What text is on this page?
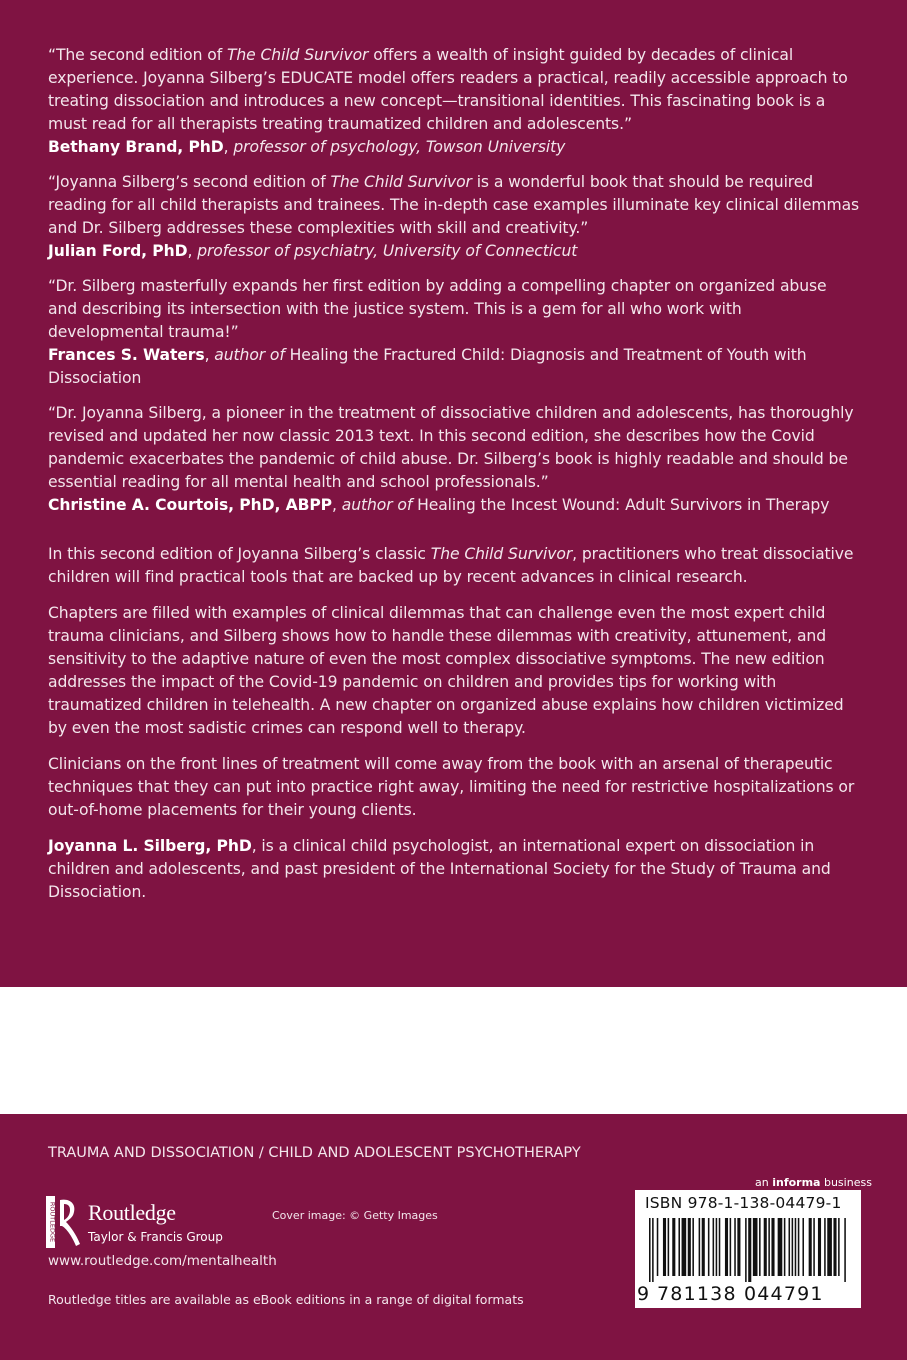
“The second edition of The Child Survivor offers a wealth of insight guided by decades of clinical experience. Joyanna Silberg’s EDUCATE model offers readers a practical, readily accessible approach to treating dissociation and introduces a new concept—transitional identities. This fascinating book is a must read for all therapists treating traumatized children and adolescents.”

Bethany Brand, PhD, professor of psychology, Towson University

“Joyanna Silberg’s second edition of The Child Survivor is a wonderful book that should be required reading for all child therapists and trainees. The in-depth case examples illuminate key clinical dilemmas and Dr. Silberg addresses these complexities with skill and creativity.”

Julian Ford, PhD, professor of psychiatry, University of Connecticut

“Dr. Silberg masterfully expands her first edition by adding a compelling chapter on organized abuse and describing its intersection with the justice system. This is a gem for all who work with developmental trauma!”

Frances S. Waters, author of Healing the Fractured Child: Diagnosis and Treatment of Youth with Dissociation

“Dr. Joyanna Silberg, a pioneer in the treatment of dissociative children and adolescents, has thoroughly revised and updated her now classic 2013 text. In this second edition, she describes how the Covid pandemic exacerbates the pandemic of child abuse. Dr. Silberg’s book is highly readable and should be essential reading for all mental health and school professionals.”

Christine A. Courtois, PhD, ABPP, author of Healing the Incest Wound: Adult Survivors in Therapy

In this second edition of Joyanna Silberg’s classic The Child Survivor, practitioners who treat dissociative children will find practical tools that are backed up by recent advances in clinical research.

Chapters are filled with examples of clinical dilemmas that can challenge even the most expert child trauma clinicians, and Silberg shows how to handle these dilemmas with creativity, attunement, and sensitivity to the adaptive nature of even the most complex dissociative symptoms. The new edition addresses the impact of the Covid-19 pandemic on children and provides tips for working with traumatized children in telehealth. A new chapter on organized abuse explains how children victimized by even the most sadistic crimes can respond well to therapy.

Clinicians on the front lines of treatment will come away from the book with an arsenal of therapeutic techniques that they can put into practice right away, limiting the need for restrictive hospitalizations or out-of-home placements for their young clients.

Joyanna L. Silberg, PhD, is a clinical child psychologist, an international expert on dissociation in children and adolescents, and past president of the International Society for the Study of Trauma and Dissociation.

TRAUMA AND DISSOCIATION / CHILD AND ADOLESCENT PSYCHOTHERAPY
an informa business
ROUTLEDGE Routledge
Taylor & Francis Group
Cover image: © Getty Images
www.routledge.com/mentalhealth
Routledge titles are available as eBook editions in a range of digital formats
ISBN 978-1-138-04479-1
9 781138 044791
